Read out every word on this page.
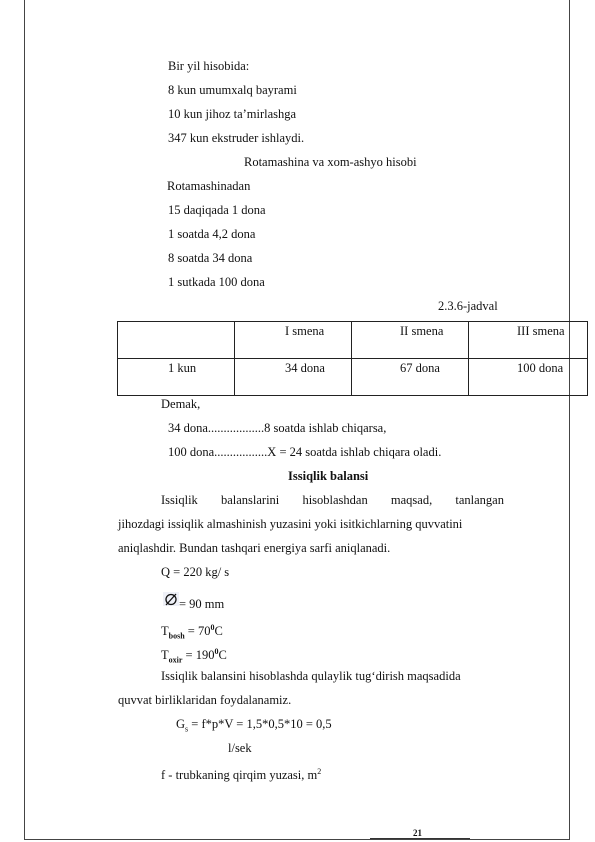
Bir yil hisobida:
8 kun umumxalq bayrami
10 kun jihoz ta’mirlashga
347 kun ekstruder ishlaydi.
Rotamashina va xom-ashyo hisobi
Rotamashinadan
15 daqiqada 1 dona
1 soatda 4,2 dona
8 soatda 34 dona
1 sutkada 100 dona
2.3.6-jadval

	I smena	II smena	III smena

1 kun	34 dona	67 dona	100 dona
Demak,
34 dona..................8 soatda ishlab chiqarsa,
100 dona.................X = 24 soatda ishlab chiqara oladi.
Issiqlik balansi
Issiqlik balanslarini hisoblashdan maqsad, tanlangan
jihozdagi issiqlik almashinish yuzasini yoki isitkichlarning quvvatini
aniqlashdir. Bundan tashqari energiya sarfi aniqlanadi.
Q = 220 kg/ s
= 90 mm
$T_{bosh} = 70^0C$
$T_{oxir} = 190^0C$
Issiqlik balansini hisoblashda qulaylik tug‘dirish maqsadida
quvvat birliklaridan foydalanamiz.
$G_s = f*p*V = 1,5*0,5*10 = 0,5$
l/sek
f - trubkaning qirqim yuzasi, $m^2$
21
